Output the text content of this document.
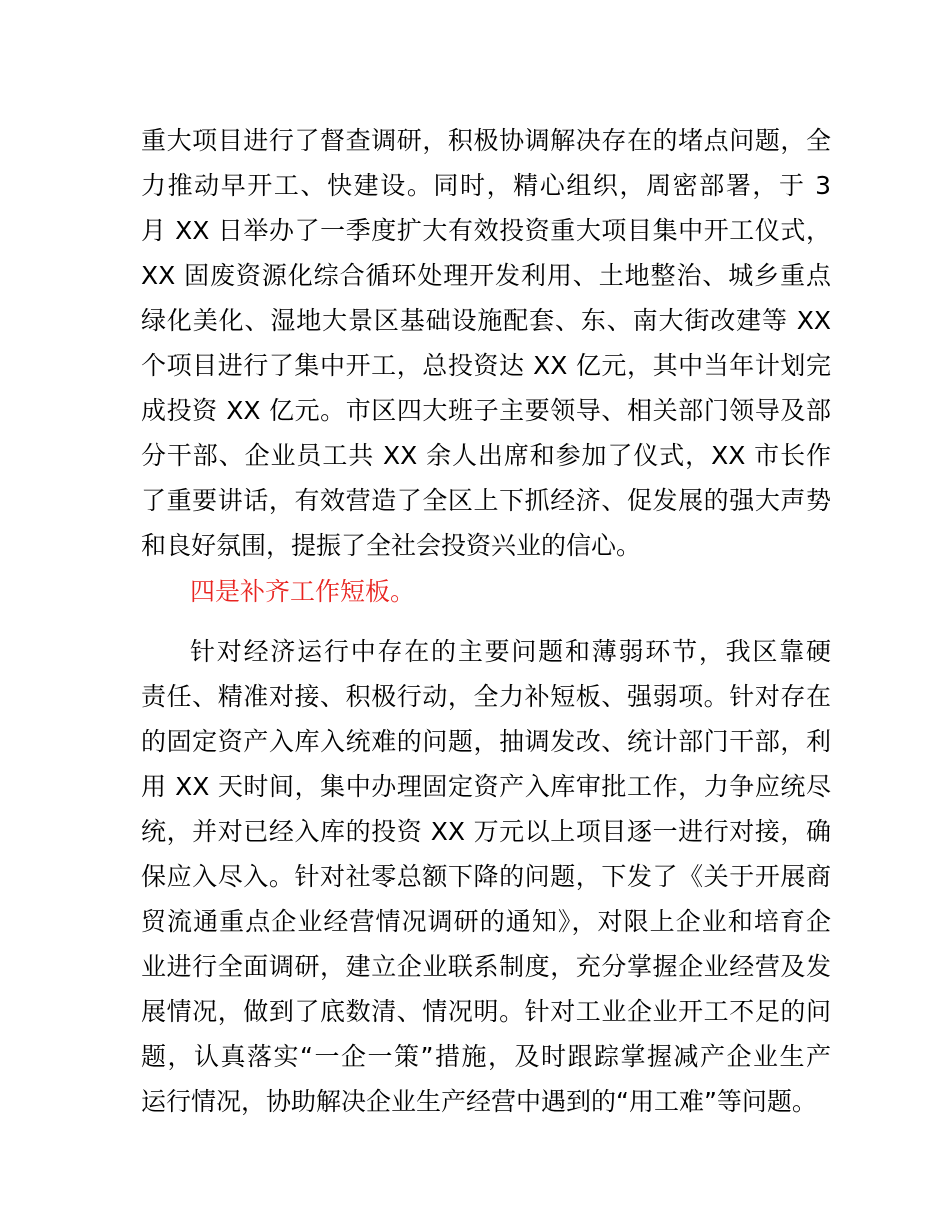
重大项目进行了督查调研，积极协调解决存在的堵点问题，全
力推动早开工、快建设。同时，精心组织，周密部署，于 3
月 XX 日举办了一季度扩大有效投资重大项目集中开工仪式，
XX 固废资源化综合循环处理开发利用、土地整治、城乡重点
绿化美化、湿地大景区基础设施配套、东、南大街改建等 XX
个项目进行了集中开工，总投资达 XX 亿元，其中当年计划完
成投资 XX 亿元。市区四大班子主要领导、相关部门领导及部
分干部、企业员工共 XX 余人出席和参加了仪式，XX 市长作
了重要讲话，有效营造了全区上下抓经济、促发展的强大声势
和良好氛围，提振了全社会投资兴业的信心。
四是补齐工作短板。
针对经济运行中存在的主要问题和薄弱环节，我区靠硬
责任、精准对接、积极行动，全力补短板、强弱项。针对存在
的固定资产入库入统难的问题，抽调发改、统计部门干部，利
用 XX 天时间，集中办理固定资产入库审批工作，力争应统尽
统，并对已经入库的投资 XX 万元以上项目逐一进行对接，确
保应入尽入。针对社零总额下降的问题，下发了《关于开展商
贸流通重点企业经营情况调研的通知》，对限上企业和培育企
业进行全面调研，建立企业联系制度，充分掌握企业经营及发
展情况，做到了底数清、情况明。针对工业企业开工不足的问
题，认真落实“一企一策”措施，及时跟踪掌握减产企业生产
运行情况，协助解决企业生产经营中遇到的“用工难”等问题。
